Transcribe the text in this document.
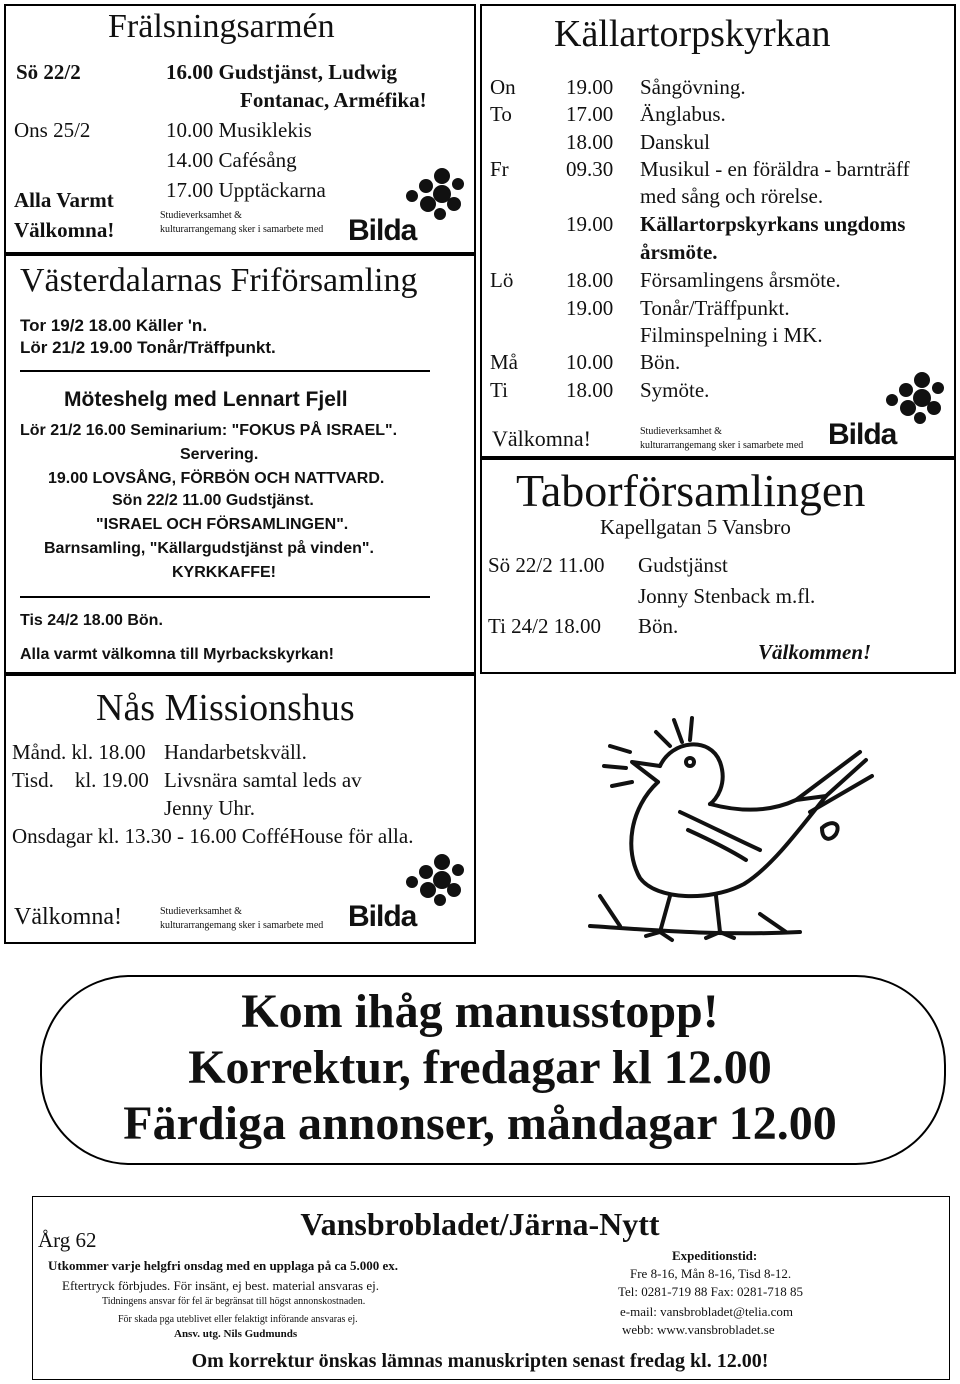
Frälsningsarmén
Sö 22/2	16.00 Gudstjänst, Ludwig
Fontanac, Arméfika!
Ons 25/2	10.00 Musiklekis
14.00 Cafésång
17.00 Upptäckarna
Alla Varmt
Välkomna!
Studieverksamhet &
kulturarrangemang sker i samarbete med Bilda
Västerdalarnas Friförsamling
Tor 19/2 18.00 Käller 'n.
Lör 21/2 19.00 Tonår/Träffpunkt.
Möteshelg med Lennart Fjell
Lör 21/2 16.00 Seminarium: "FOKUS PÅ ISRAEL".
Servering.
19.00 LOVSÅNG, FÖRBÖN OCH NATTVARD.
Sön 22/2 11.00 Gudstjänst.
"ISRAEL OCH FÖRSAMLINGEN".
Barnsamling, "Källargudstjänst på vinden".
KYRKKAFFE!
Tis 24/2 18.00 Bön.
Alla varmt välkomna till Myrbackskyrkan!
Källartorpskyrkan
On 19.00 Sångövning.
To	17.00 Änglabus.
18.00 Danskul
Fr	09.30 Musikul - en föräldra - barnträff
med sång och rörelse.
19.00 Källartorpskyrkans ungdoms
årsmöte.
Lö	18.00 Församlingens årsmöte.
19.00 Tonår/Träffpunkt.
Filminspelning i MK.
Må 10.00 Bön.
Ti	18.00 Symöte.
Välkomna!	Studieverksamhet &
kulturarrangemang sker i samarbete med Bilda
Taborförsamlingen
Kapellgatan 5 Vansbro
Sö 22/2 11.00 Gudstjänst
Jonny Stenback m.fl.
Ti 24/2 18.00 Bön.
Välkommen!
Nås Missionshus
Månd. kl. 18.00 Handarbetskväll.
Tisd.    kl. 19.00 Livsnära samtal leds av
Jenny Uhr.
Onsdagar kl. 13.30 - 16.00 CofféHouse för alla.
Välkomna!	Studieverksamhet &
kulturarrangemang sker i samarbete med Bilda
Kom ihåg manusstopp!
Korrektur, fredagar kl 12.00
Färdiga annonser, måndagar 12.00
Årg 62	Vansbrobladet/Järna-Nytt
Utkommer varje helgfri onsdag med en upplaga på ca 5.000 ex.
Eftertryck förbjudes. För insänt, ej best. material ansvaras ej.
Tidningens ansvar för fel är begränsat till högst annonskostnaden.
För skada pga uteblivet eller felaktigt införande ansvaras ej.
Ansv. utg. Nils Gudmunds
Expeditionstid:
Fre 8-16, Mån 8-16, Tisd 8-12.
Tel: 0281-719 88 Fax: 0281-718 85
e-mail: vansbrobladet@telia.com
webb: www.vansbrobladet.se
Om korrektur önskas lämnas manuskripten senast fredag kl. 12.00!
